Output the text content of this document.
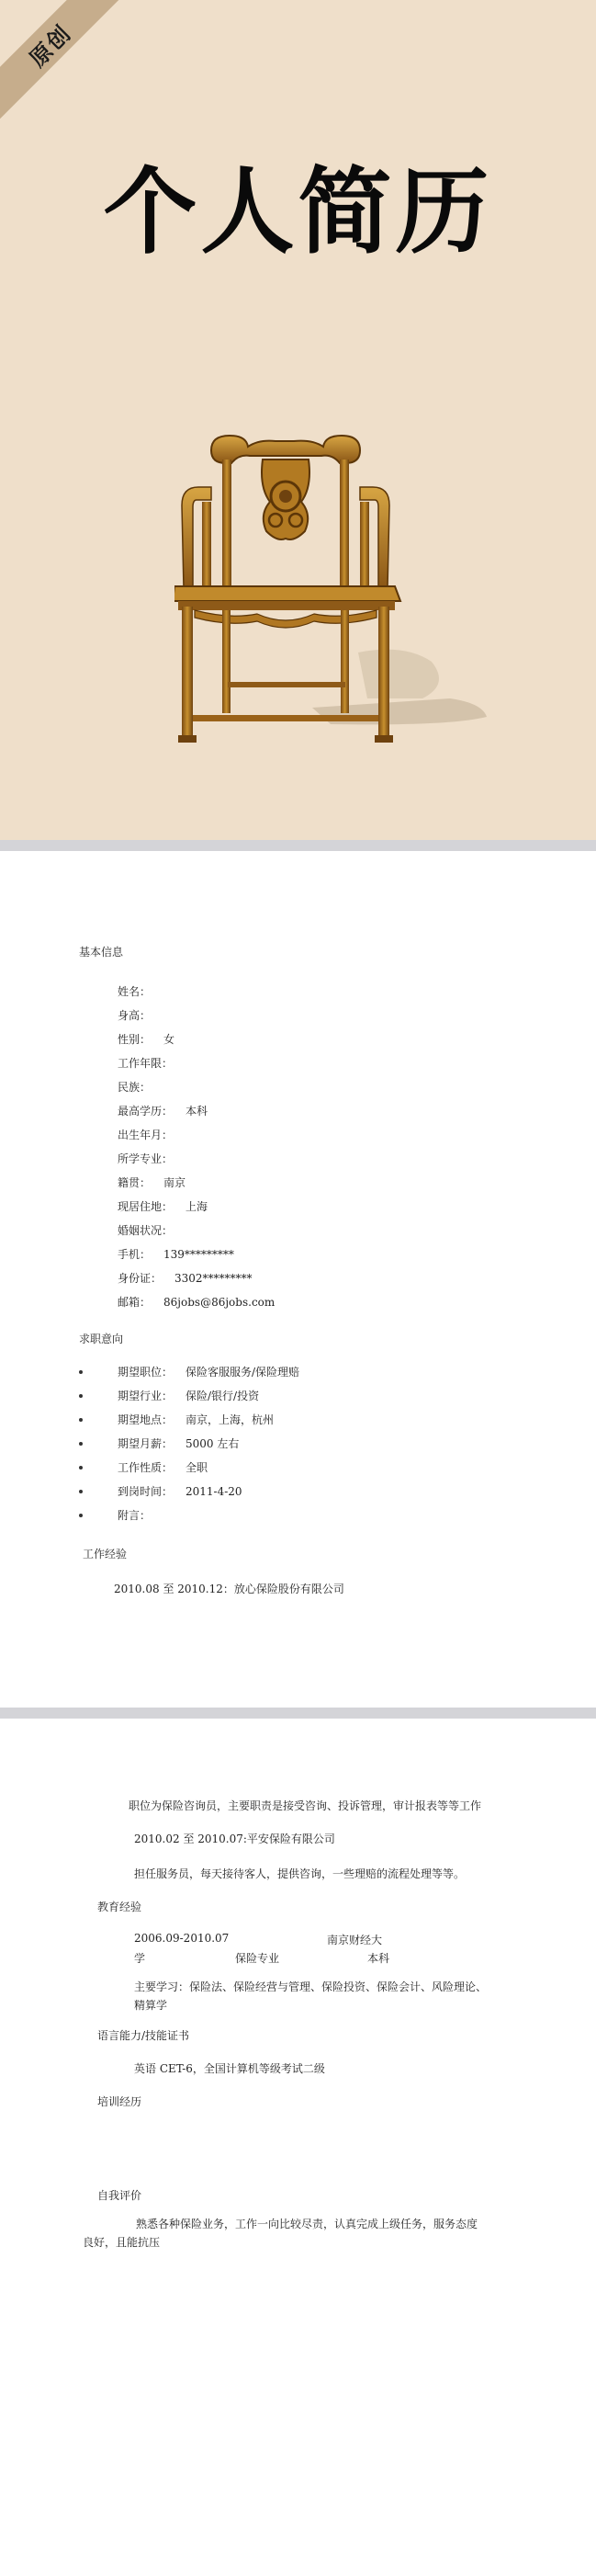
原创
个人简历
基本信息
姓名：
身高：
性别： 女
工作年限：
民族：
最高学历： 本科
出生年月：
所学专业：
籍贯： 南京
现居住地： 上海
婚姻状况：
手机： 139*********
身份证： 3302*********
邮箱： 86jobs@86jobs.com
求职意向
期望职位： 保险客服服务/保险理赔
期望行业： 保险/银行/投资
期望地点： 南京，上海，杭州
期望月薪： 5000 左右
工作性质： 全职
到岗时间： 2011-4-20
附言：
工作经验
2010.08 至 2010.12：放心保险股份有限公司
职位为保险咨询员，主要职责是接受咨询、投诉管理，审计报表等等工作
2010.02 至 2010.07:平安保险有限公司
担任服务员，每天接待客人，提供咨询，一些理赔的流程处理等等。
教育经验
2006.09-2010.07	南京财经大
学	保险专业	本科
主要学习：保险法、保险经营与管理、保险投资、保险会计、风险理论、精算学
语言能力/技能证书
英语 CET-6，全国计算机等级考试二级
培训经历
自我评价
熟悉各种保险业务，工作一向比较尽责，认真完成上级任务，服务态度良好，且能抗压
